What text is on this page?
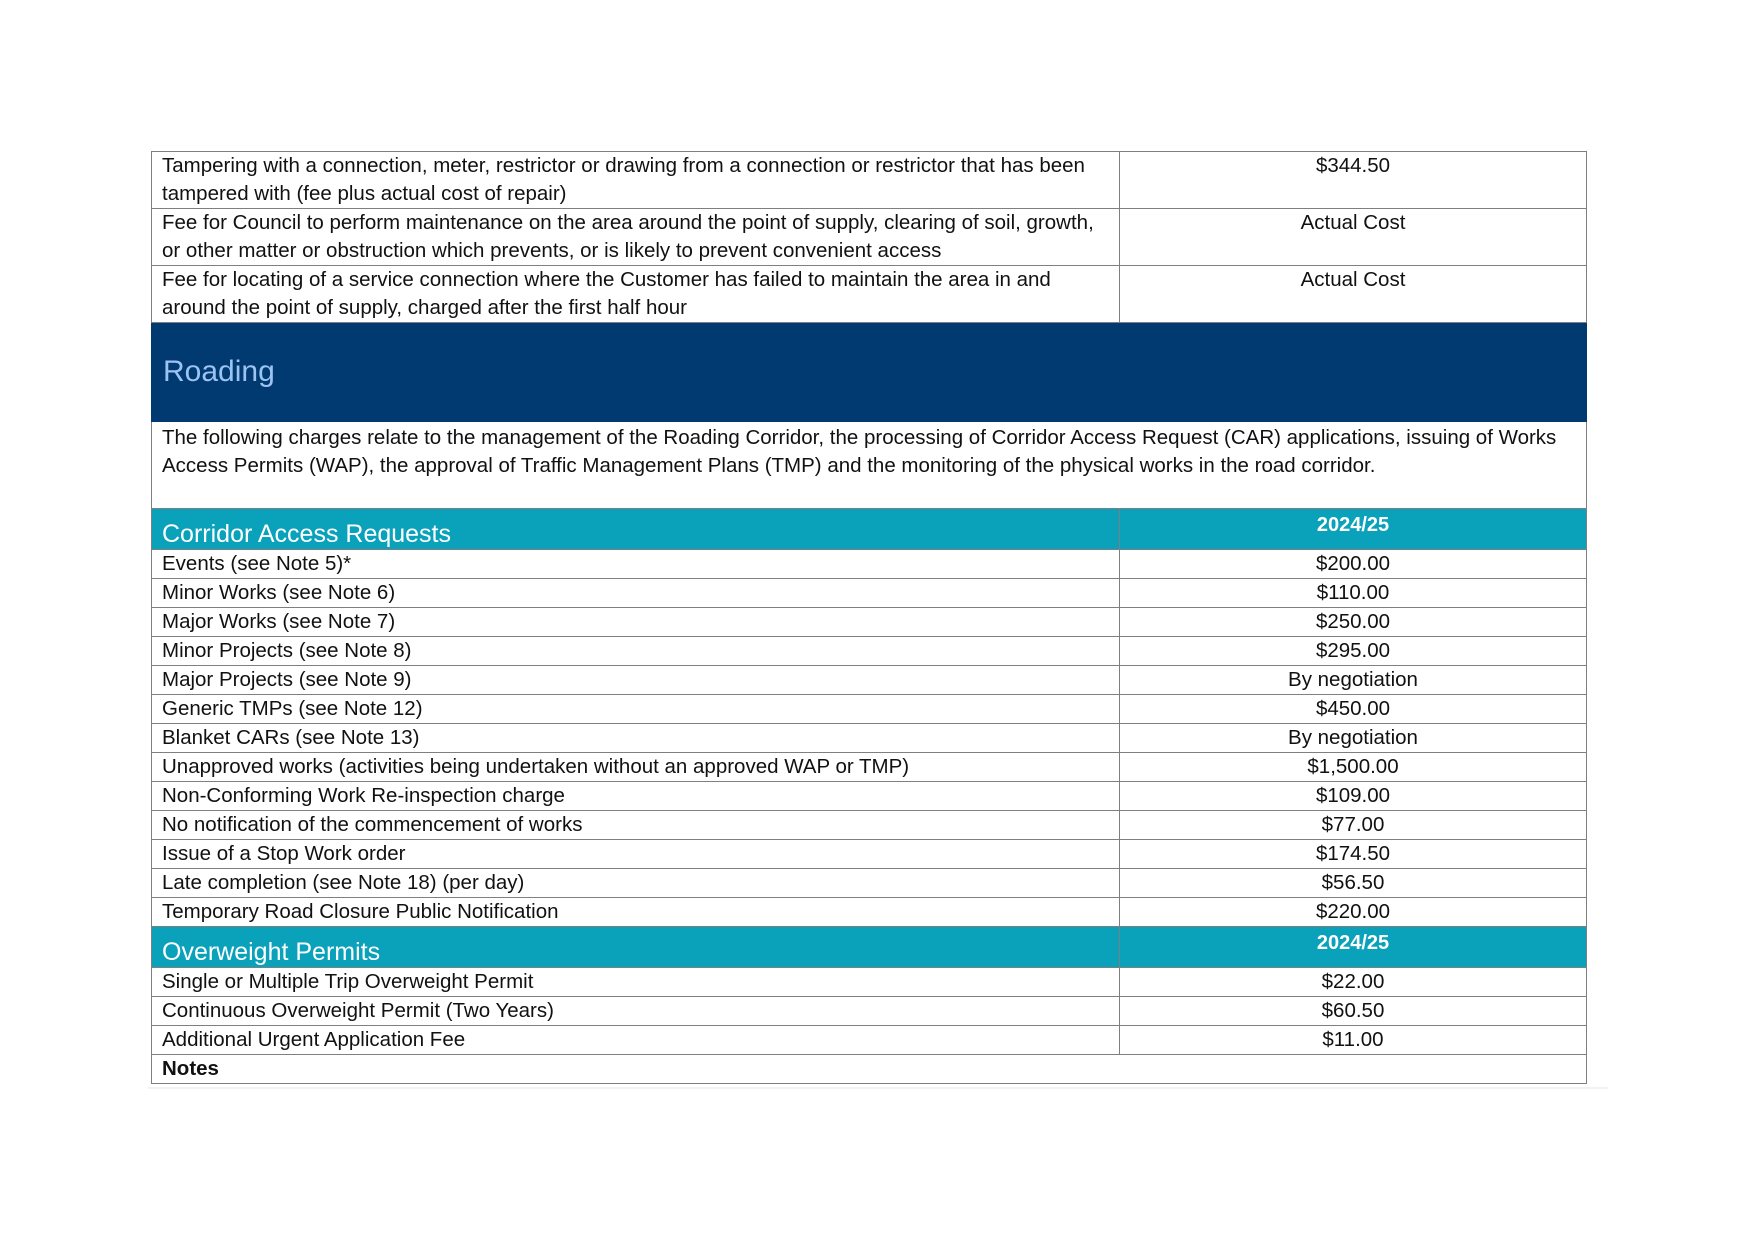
Tampering with a connection, meter, restrictor or drawing from a connection or restrictor that has been tampered with (fee plus actual cost of repair)	$344.50
Fee for Council to perform maintenance on the area around the point of supply, clearing of soil, growth, or other matter or obstruction which prevents, or is likely to prevent convenient access	Actual Cost
Fee for locating of a service connection where the Customer has failed to maintain the area in and around the point of supply, charged after the first half hour	Actual Cost
Roading	
The following charges relate to the management of the Roading Corridor, the processing of Corridor Access Request (CAR) applications, issuing of Works Access Permits (WAP), the approval of Traffic Management Plans (TMP) and the monitoring of the physical works in the road corridor.	
Corridor Access Requests	2024/25
Events (see Note 5)*	$200.00
Minor Works (see Note 6)	$110.00
Major Works (see Note 7)	$250.00
Minor Projects (see Note 8)	$295.00
Major Projects (see Note 9)	By negotiation
Generic TMPs (see Note 12)	$450.00
Blanket CARs (see Note 13)	By negotiation
Unapproved works (activities being undertaken without an approved WAP or TMP)	$1,500.00
Non-Conforming Work Re-inspection charge	$109.00
No notification of the commencement of works	$77.00
Issue of a Stop Work order	$174.50
Late completion (see Note 18) (per day)	$56.50
Temporary Road Closure Public Notification	$220.00
Overweight Permits	2024/25
Single or Multiple Trip Overweight Permit	$22.00
Continuous Overweight Permit (Two Years)	$60.50
Additional Urgent Application Fee	$11.00
Notes	
